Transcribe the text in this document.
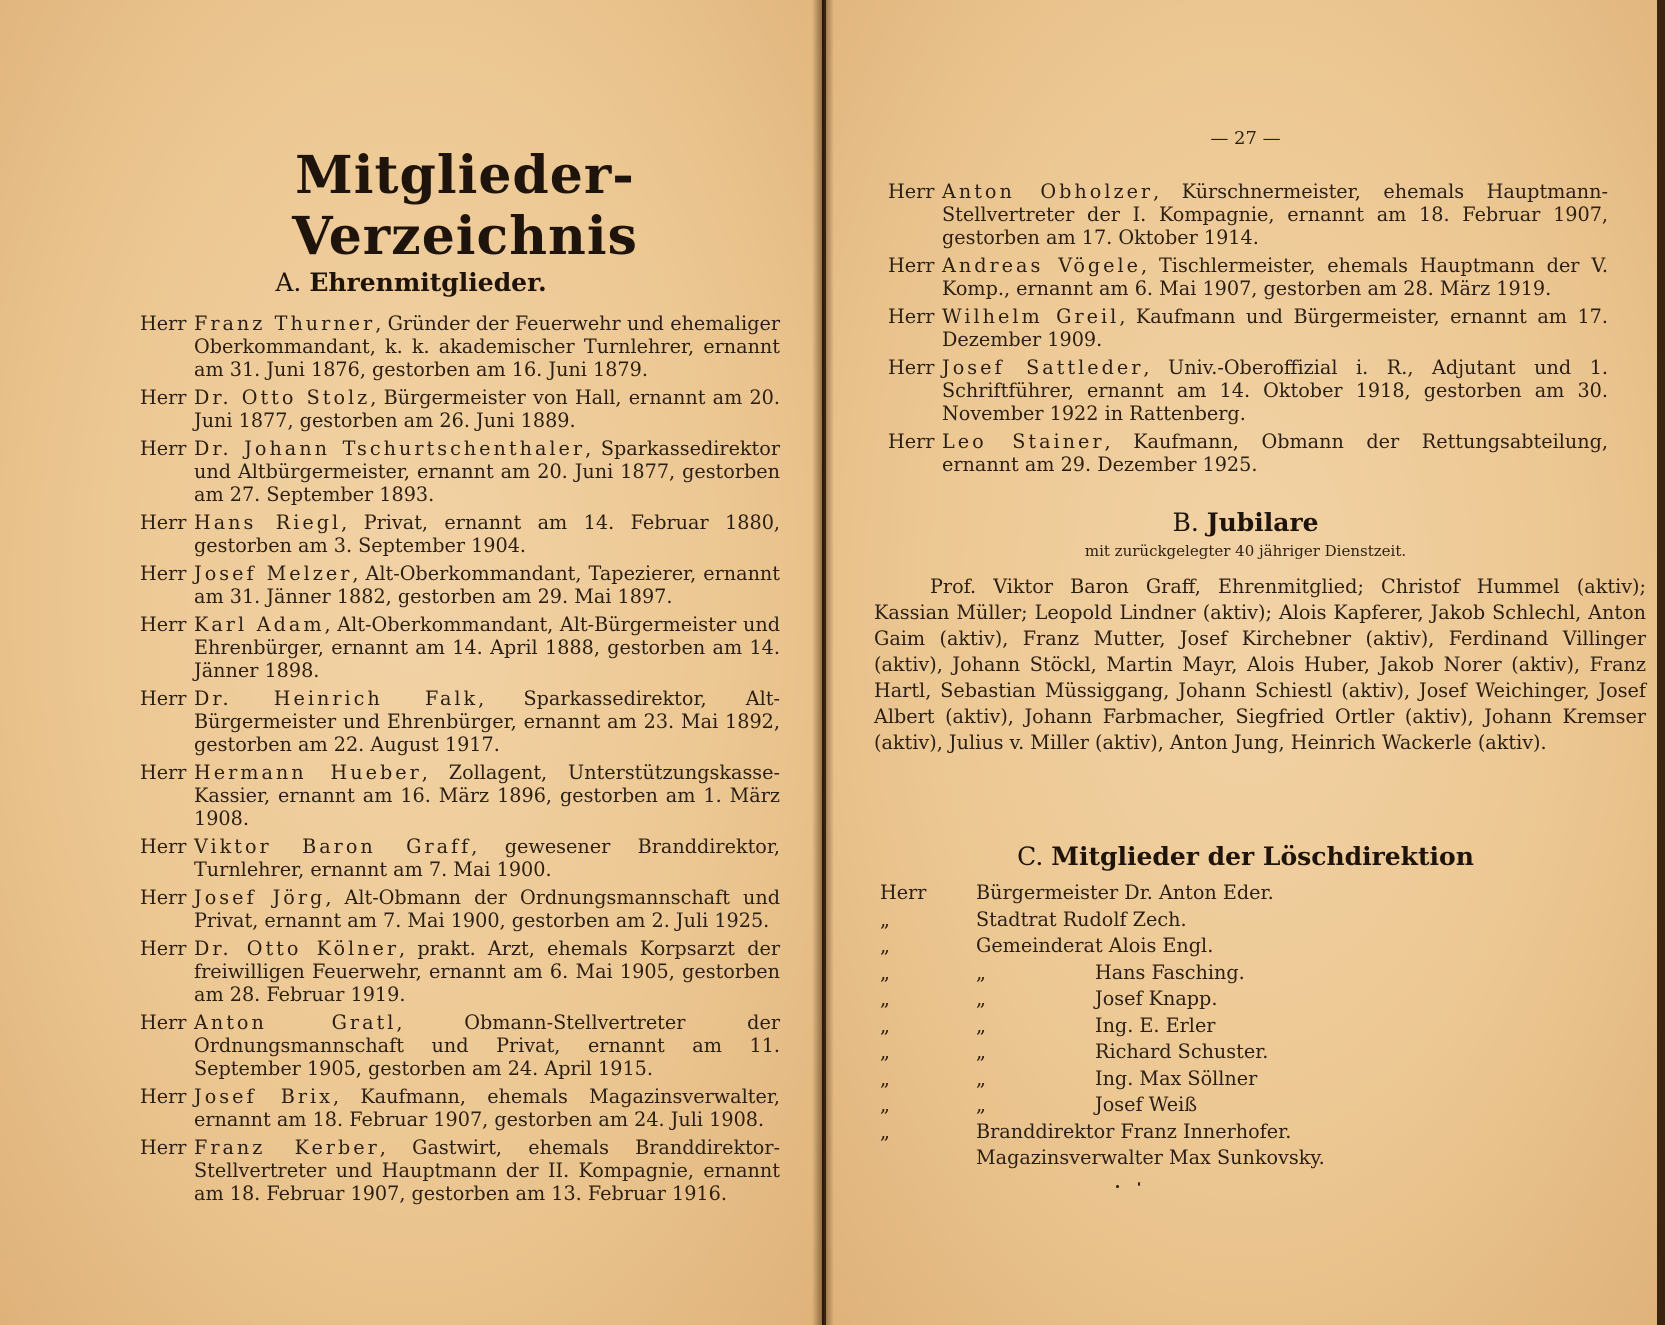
Mitglieder-Verzeichnis
A. Ehrenmitglieder.
Herr Franz Thurner, Gründer der Feuerwehr und ehemaliger Oberkommandant, k. k. akademischer Turnlehrer, ernannt am 31. Juni 1876, gestorben am 16. Juni 1879.
Herr Dr. Otto Stolz, Bürgermeister von Hall, ernannt am 20. Juni 1877, gestorben am 26. Juni 1889.
Herr Dr. Johann Tschurtschenthaler, Sparkassedirektor und Altbürgermeister, ernannt am 20. Juni 1877, gestorben am 27. September 1893.
Herr Hans Riegl, Privat, ernannt am 14. Februar 1880, gestorben am 3. September 1904.
Herr Josef Melzer, Alt-Oberkommandant, Tapezierer, ernannt am 31. Jänner 1882, gestorben am 29. Mai 1897.
Herr Karl Adam, Alt-Oberkommandant, Alt-Bürgermeister und Ehrenbürger, ernannt am 14. April 1888, gestorben am 14. Jänner 1898.
Herr Dr. Heinrich Falk, Sparkassedirektor, Alt-Bürgermeister und Ehrenbürger, ernannt am 23. Mai 1892, gestorben am 22. August 1917.
Herr Hermann Hueber, Zollagent, Unterstützungskasse-Kassier, ernannt am 16. März 1896, gestorben am 1. März 1908.
Herr Viktor Baron Graff, gewesener Branddirektor, Turnlehrer, ernannt am 7. Mai 1900.
Herr Josef Jörg, Alt-Obmann der Ordnungsmannschaft und Privat, ernannt am 7. Mai 1900, gestorben am 2. Juli 1925.
Herr Dr. Otto Kölner, prakt. Arzt, ehemals Korpsarzt der freiwilligen Feuerwehr, ernannt am 6. Mai 1905, gestorben am 28. Februar 1919.
Herr Anton Gratl, Obmann-Stellvertreter der Ordnungsmannschaft und Privat, ernannt am 11. September 1905, gestorben am 24. April 1915.
Herr Josef Brix, Kaufmann, ehemals Magazinsverwalter, ernannt am 18. Februar 1907, gestorben am 24. Juli 1908.
Herr Franz Kerber, Gastwirt, ehemals Branddirektor-Stellvertreter und Hauptmann der II. Kompagnie, ernannt am 18. Februar 1907, gestorben am 13. Februar 1916.
— 27 —
Herr Anton Obholzer, Kürschnermeister, ehemals Hauptmann-Stellvertreter der I. Kompagnie, ernannt am 18. Februar 1907, gestorben am 17. Oktober 1914.
Herr Andreas Vögele, Tischlermeister, ehemals Hauptmann der V. Komp., ernannt am 6. Mai 1907, gestorben am 28. März 1919.
Herr Wilhelm Greil, Kaufmann und Bürgermeister, ernannt am 17. Dezember 1909.
Herr Josef Sattleder, Univ.-Oberoffizial i. R., Adjutant und 1. Schriftführer, ernannt am 14. Oktober 1918, gestorben am 30. November 1922 in Rattenberg.
Herr Leo Stainer, Kaufmann, Obmann der Rettungsabteilung, ernannt am 29. Dezember 1925.
B. Jubilare
mit zurückgelegter 40 jähriger Dienstzeit.

Prof. Viktor Baron Graff, Ehrenmitglied; Christof Hummel (aktiv); Kassian Müller; Leopold Lindner (aktiv); Alois Kapferer, Jakob Schlechl, Anton Gaim (aktiv), Franz Mutter, Josef Kirchebner (aktiv), Ferdinand Villinger (aktiv), Johann Stöckl, Martin Mayr, Alois Huber, Jakob Norer (aktiv), Franz Hartl, Sebastian Müssiggang, Johann Schiestl (aktiv), Josef Weichinger, Josef Albert (aktiv), Johann Farbmacher, Siegfried Ortler (aktiv), Johann Kremser (aktiv), Julius v. Miller (aktiv), Anton Jung, Heinrich Wackerle (aktiv).

C. Mitglieder der Löschdirektion
Herr	Bürgermeister Dr. Anton Eder.
„	Stadtrat Rudolf Zech.
„	Gemeinderat Alois Engl.
„	„	Hans Fasching.
„	„	Josef Knapp.
„	„	Ing. E. Erler
„	„	Richard Schuster.
„	„	Ing. Max Söllner
„	„	Josef Weiß
„	Branddirektor Franz Innerhofer.
Magazinsverwalter Max Sunkovsky.
